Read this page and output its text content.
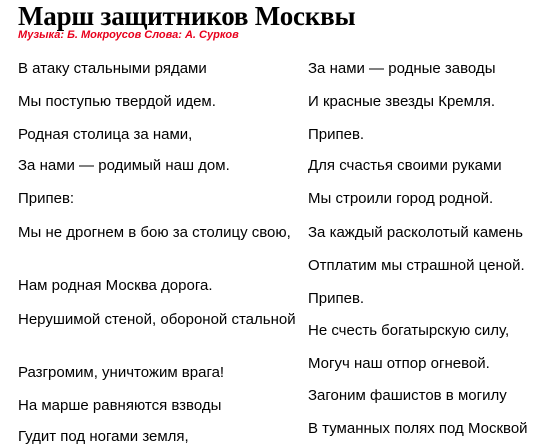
Марш защитников Москвы
Музыка: Б. Мокроусов Слова: А. Сурков
В атаку стальными рядами
Мы поступью твердой идем.
Родная столица за нами,
За нами — родимый наш дом.
Припев:
Мы не дрогнем в бою за столицу свою,
Нам родная Москва дорога.
Нерушимой стеной, обороной стальной
Разгромим, уничтожим врага!
На марше равняются взводы
Гудит под ногами земля,
За нами — родные заводы
И красные звезды Кремля.
Припев.
Для счастья своими руками
Мы строили город родной.
За каждый расколотый камень
Отплатим мы страшной ценой.
Припев.
Не счесть богатырскую силу,
Могуч наш отпор огневой.
Загоним фашистов в могилу
В туманных полях под Москвой
